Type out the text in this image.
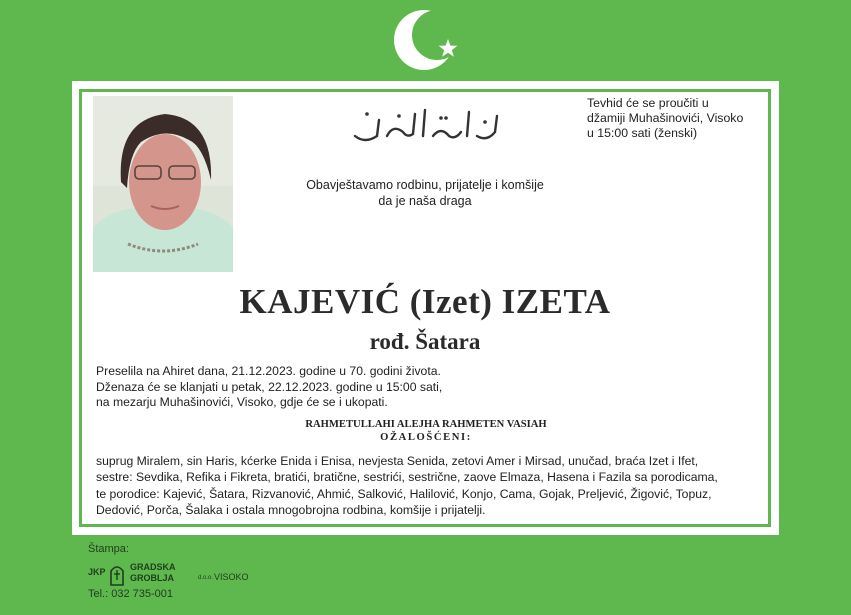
ارتحل الى ربه
Tevhid će se proučiti u
džamiji Muhašinovići, Visoko
u 15:00 sati (ženski)
Obavještavamo rodbinu, prijatelje i komšije
da je naša draga
KAJEVIĆ (Izet) IZETA
rođ. Šatara
Preselila na Ahiret dana, 21.12.2023. godine u 70. godini života.
Dženaza će se klanjati u petak, 22.12.2023. godine u 15:00 sati,
na mezarju Muhašinovići, Visoko, gdje će se i ukopati.
RAHMETULLAHI ALEJHA RAHMETEN VASIAH
OŽALOŠĆENI:
suprug Miralem, sin Haris, kćerke Enida i Enisa, nevjesta Senida, zetovi Amer i Mirsad, unučad, braća Izet i Ifet,
sestre: Sevdika, Refika i Fikreta, bratići, bratične, sestrići, sestrične, zaove Elmaza, Hasena i Fazila sa porodicama,
te porodice: Kajević, Šatara, Rizvanović, Ahmić, Salković, Halilović, Konjo, Cama, Gojak, Preljević, Žigović, Topuz,
Dedović, Porča, Šalaka i ostala mnogobrojna rodbina, komšije i prijatelji.
Štampa:
JKP	GRADSKA
GROBLJA	d.o.o. VISOKO
Tel.: 032 735-001
